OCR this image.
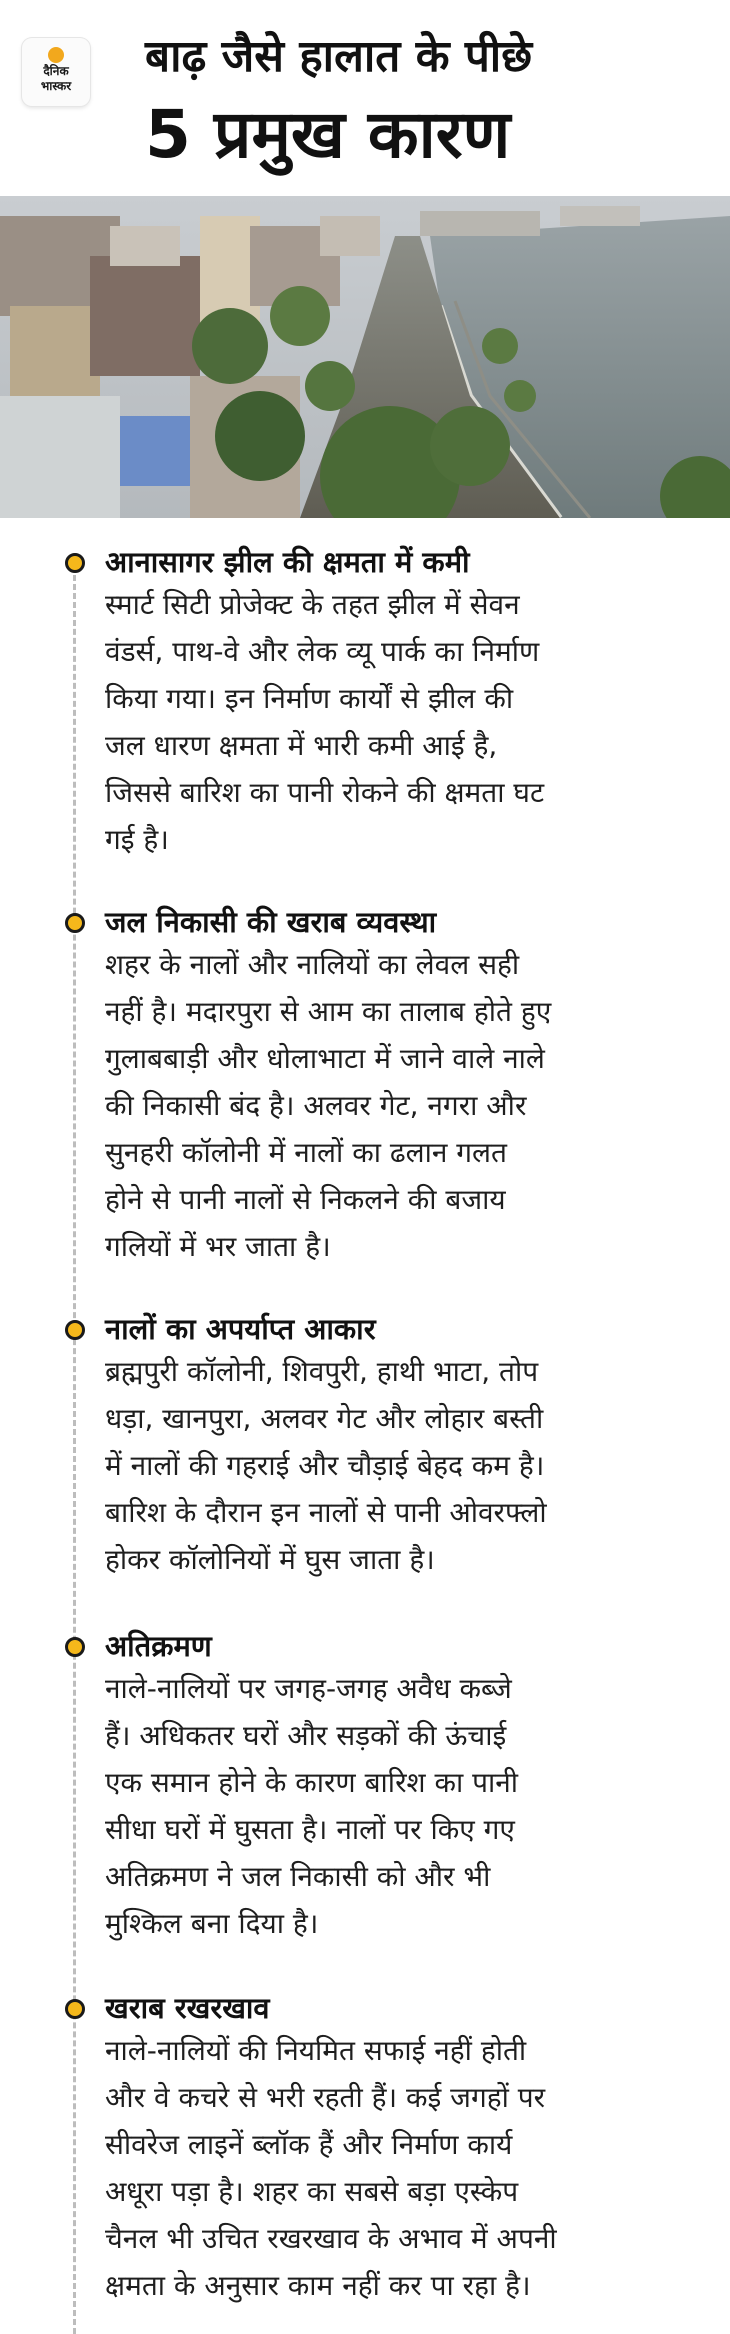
दैनिक
भास्कर
बाढ़ जैसे हालात के पीछे
5 प्रमुख कारण
आनासागर झील की क्षमता में कमी

स्मार्ट सिटी प्रोजेक्ट के तहत झील में सेवन
वंडर्स, पाथ-वे और लेक व्यू पार्क का निर्माण
किया गया। इन निर्माण कार्यों से झील की
जल धारण क्षमता में भारी कमी आई है,
जिससे बारिश का पानी रोकने की क्षमता घट
गई है।

जल निकासी की खराब व्यवस्था

शहर के नालों और नालियों का लेवल सही
नहीं है। मदारपुरा से आम का तालाब होते हुए
गुलाबबाड़ी और धोलाभाटा में जाने वाले नाले
की निकासी बंद है। अलवर गेट, नगरा और
सुनहरी कॉलोनी में नालों का ढलान गलत
होने से पानी नालों से निकलने की बजाय
गलियों में भर जाता है।

नालों का अपर्याप्त आकार

ब्रह्मपुरी कॉलोनी, शिवपुरी, हाथी भाटा, तोप
धड़ा, खानपुरा, अलवर गेट और लोहार बस्ती
में नालों की गहराई और चौड़ाई बेहद कम है।
बारिश के दौरान इन नालों से पानी ओवरफ्लो
होकर कॉलोनियों में घुस जाता है।

अतिक्रमण

नाले-नालियों पर जगह-जगह अवैध कब्जे
हैं। अधिकतर घरों और सड़कों की ऊंचाई
एक समान होने के कारण बारिश का पानी
सीधा घरों में घुसता है। नालों पर किए गए
अतिक्रमण ने जल निकासी को और भी
मुश्किल बना दिया है।

खराब रखरखाव

नाले-नालियों की नियमित सफाई नहीं होती
और वे कचरे से भरी रहती हैं। कई जगहों पर
सीवरेज लाइनें ब्लॉक हैं और निर्माण कार्य
अधूरा पड़ा है। शहर का सबसे बड़ा एस्केप
चैनल भी उचित रखरखाव के अभाव में अपनी
क्षमता के अनुसार काम नहीं कर पा रहा है।
